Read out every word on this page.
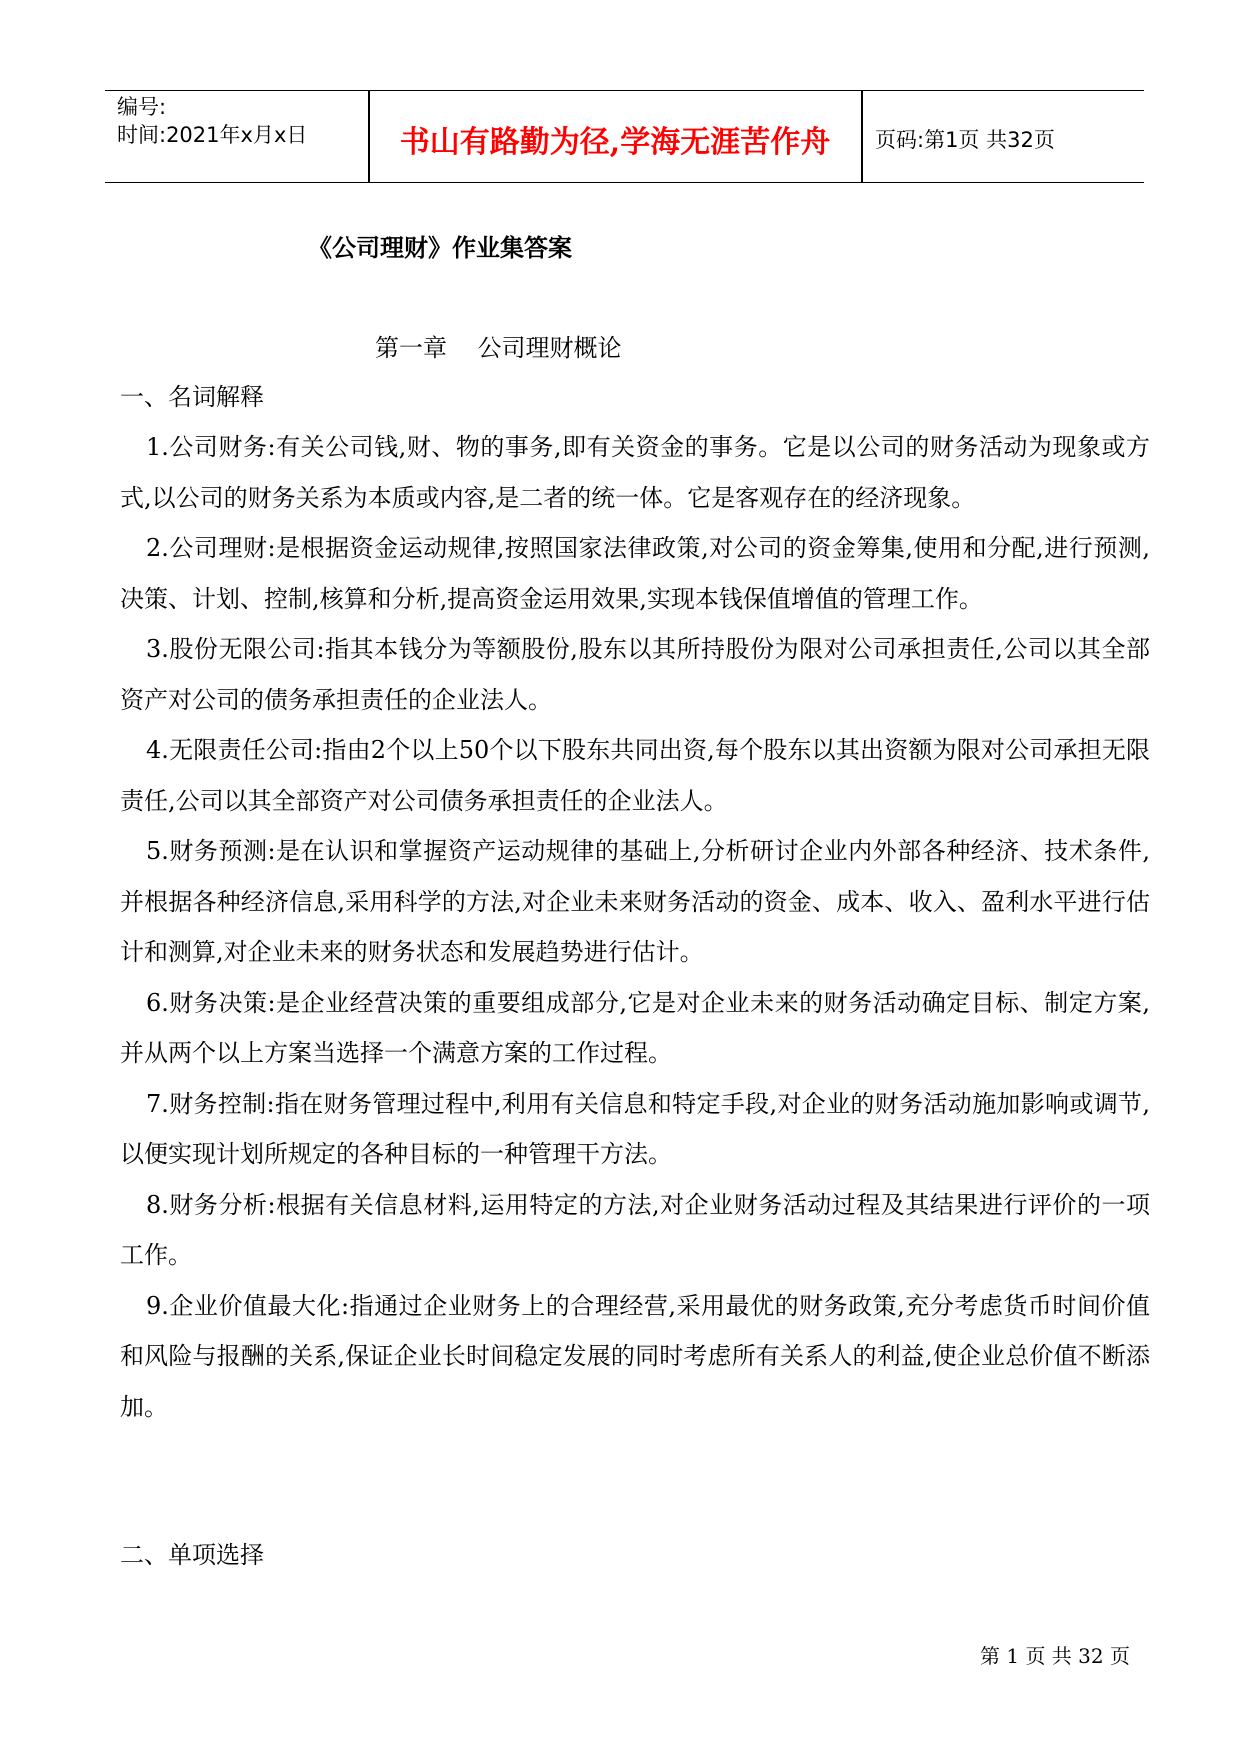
编号:
时间:2021年x月x日	书山有路勤为径,学海无涯苦作舟	页码:第1页 共32页
《公司理财》作业集答案
第一章    公司理财概论
一、名词解释
1.公司财务:有关公司钱,财、物的事务,即有关资金的事务。它是以公司的财务活动为现象或方式,以公司的财务关系为本质或内容,是二者的统一体。它是客观存在的经济现象。
2.公司理财:是根据资金运动规律,按照国家法律政策,对公司的资金筹集,使用和分配,进行预测,决策、计划、控制,核算和分析,提高资金运用效果,实现本钱保值增值的管理工作。
3.股份无限公司:指其本钱分为等额股份,股东以其所持股份为限对公司承担责任,公司以其全部资产对公司的债务承担责任的企业法人。
4.无限责任公司:指由2个以上50个以下股东共同出资,每个股东以其出资额为限对公司承担无限责任,公司以其全部资产对公司债务承担责任的企业法人。
5.财务预测:是在认识和掌握资产运动规律的基础上,分析研讨企业内外部各种经济、技术条件,并根据各种经济信息,采用科学的方法,对企业未来财务活动的资金、成本、收入、盈利水平进行估计和测算,对企业未来的财务状态和发展趋势进行估计。
6.财务决策:是企业经营决策的重要组成部分,它是对企业未来的财务活动确定目标、制定方案,并从两个以上方案当选择一个满意方案的工作过程。
7.财务控制:指在财务管理过程中,利用有关信息和特定手段,对企业的财务活动施加影响或调节,以便实现计划所规定的各种目标的一种管理干方法。
8.财务分析:根据有关信息材料,运用特定的方法,对企业财务活动过程及其结果进行评价的一项工作。
9.企业价值最大化:指通过企业财务上的合理经营,采用最优的财务政策,充分考虑货币时间价值和风险与报酬的关系,保证企业长时间稳定发展的同时考虑所有关系人的利益,使企业总价值不断添加。
二、单项选择
第 1 页 共 32 页
